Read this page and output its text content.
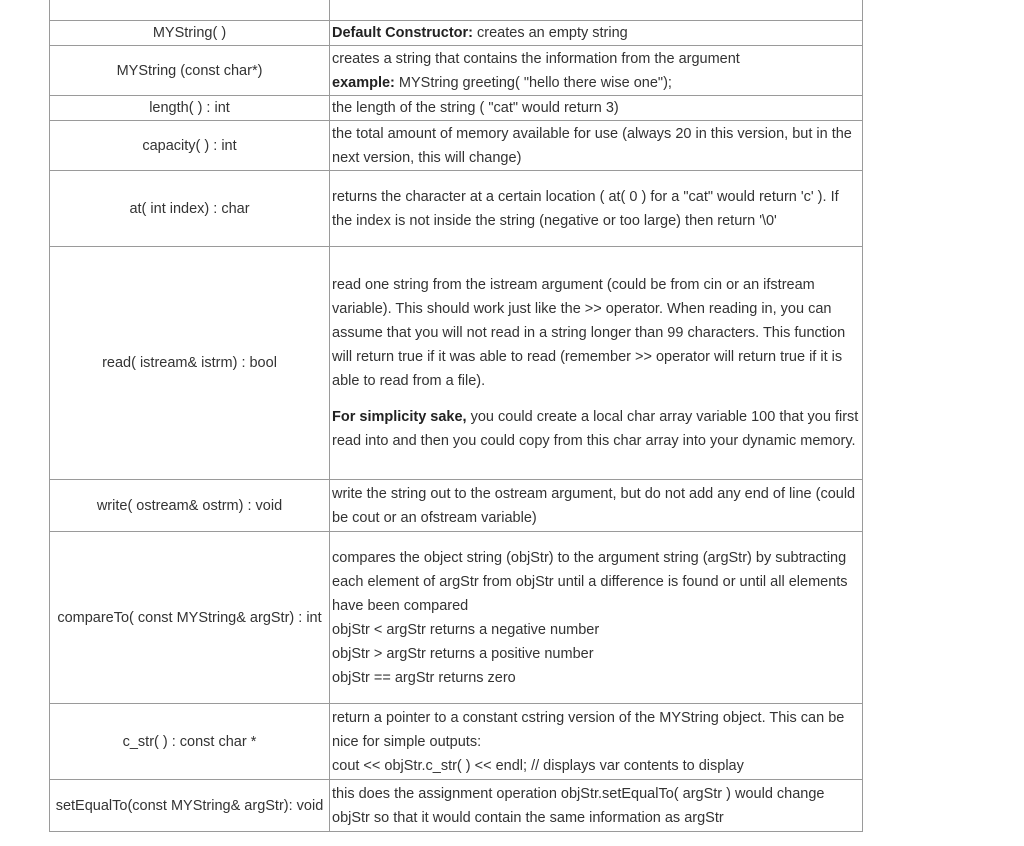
MYString( )	Default Constructor: creates an empty string

MYString (const char*)	creates a string that contains the information from the argument
example: MYString greeting( "hello there wise one");

length( ) : int	the length of the string ( "cat" would return 3)

capacity( ) : int	the total amount of memory available for use (always 20 in this version, but in the next version, this will change)

at( int index) : char	returns the character at a certain location ( at( 0 ) for a "cat" would return 'c' ). If the index is not inside the string (negative or too large) then return '\0'

read( istream& istrm) : bool	read one string from the istream argument (could be from cin or an ifstream variable). This should work just like the >> operator. When reading in, you can assume that you will not read in a string longer than 99 characters. This function will return true if it was able to read (remember >> operator will return true if it is able to read from a file).
For simplicity sake, you could create a local char array variable 100 that you first read into and then you could copy from this char array into your dynamic memory.

write( ostream& ostrm) : void	write the string out to the ostream argument, but do not add any end of line (could be cout or an ofstream variable)

compareTo( const MYString& argStr) : int	compares the object string (objStr) to the argument string (argStr) by subtracting each element of argStr from objStr until a difference is found or until all elements have been compared
objStr < argStr returns a negative number
objStr > argStr returns a positive number
objStr == argStr returns zero

c_str( ) : const char *	return a pointer to a constant cstring version of the MYString object. This can be nice for simple outputs:
cout << objStr.c_str( ) << endl; // displays var contents to display

setEqualTo(const MYString& argStr): void	this does the assignment operation objStr.setEqualTo( argStr ) would change objStr so that it would contain the same information as argStr
